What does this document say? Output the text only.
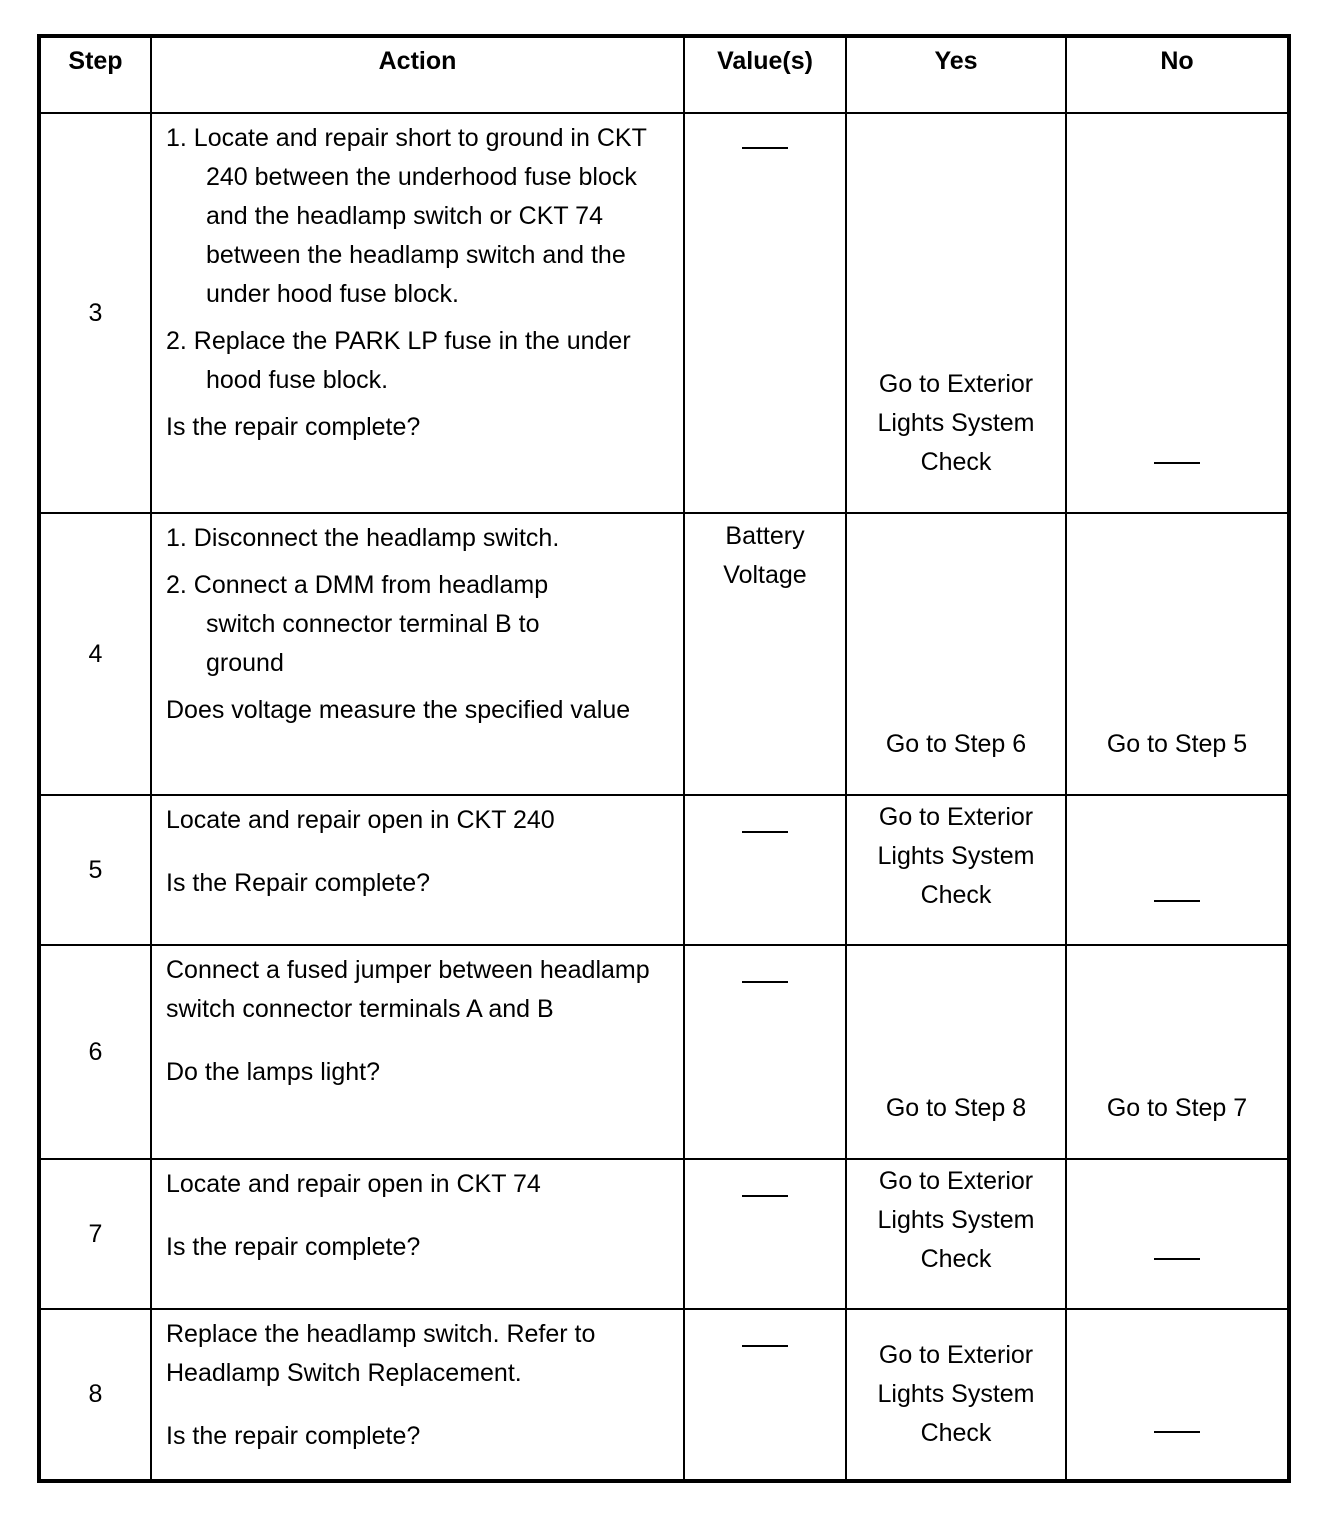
Step	Action	Value(s)	Yes	No
3	1. Locate and repair short to ground in CKT 240 between the underhood fuse block and the headlamp switch or CKT 74 between the headlamp switch and the under hood fuse block.

2. Replace the PARK LP fuse in the under hood fuse block.

Is the repair complete?		Go to Exterior Lights System Check	

4	1. Disconnect the headlamp switch.

2. Connect a DMM from headlamp switch connector terminal B to ground

Does voltage measure the specified value	Battery Voltage	Go to Step 6	Go to Step 5

5	Locate and repair open in CKT 240

Is the Repair complete?		Go to Exterior Lights System Check	

6	Connect a fused jumper between headlamp switch connector terminals A and B

Do the lamps light?		Go to Step 8	Go to Step 7

7	Locate and repair open in CKT 74

Is the repair complete?		Go to Exterior Lights System Check	

8	Replace the headlamp switch. Refer to Headlamp Switch Replacement.

Is the repair complete?		Go to Exterior Lights System Check	
